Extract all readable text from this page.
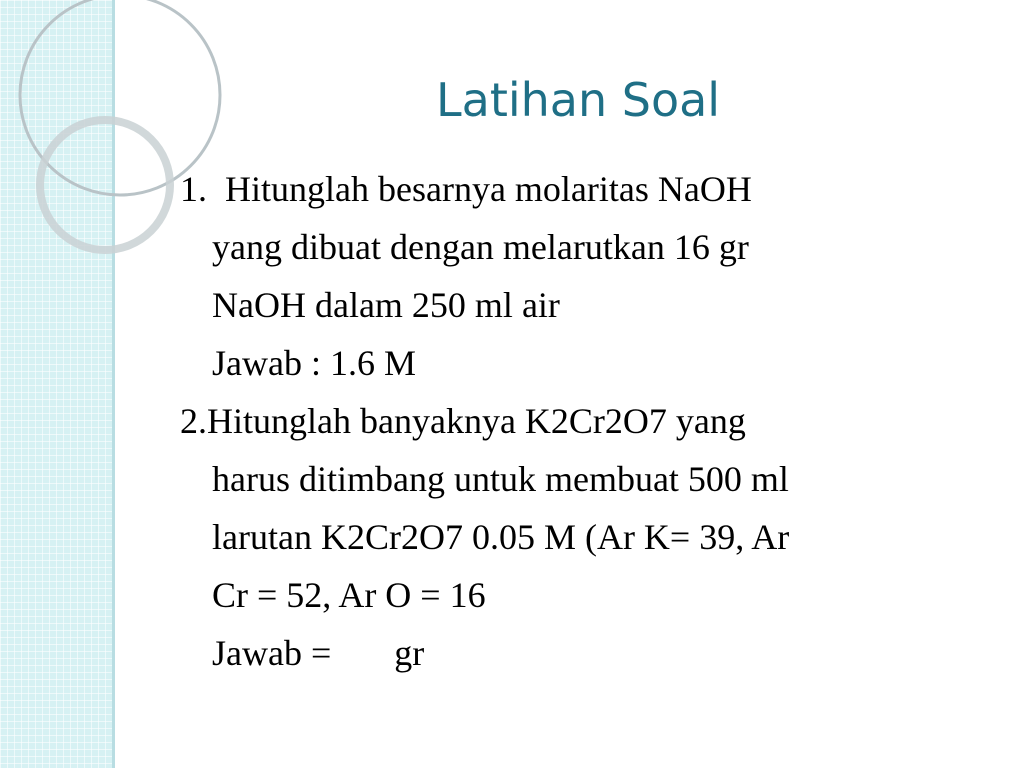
Latihan Soal
1.  Hitunglah besarnya molaritas NaOH
yang dibuat dengan melarutkan 16 gr
NaOH dalam 250 ml air
Jawab : 1.6 M
2.Hitunglah banyaknya K2Cr2O7 yang
harus ditimbang untuk membuat 500 ml
larutan K2Cr2O7 0.05 M (Ar K= 39, Ar
Cr = 52, Ar O = 16
Jawab =       gr
